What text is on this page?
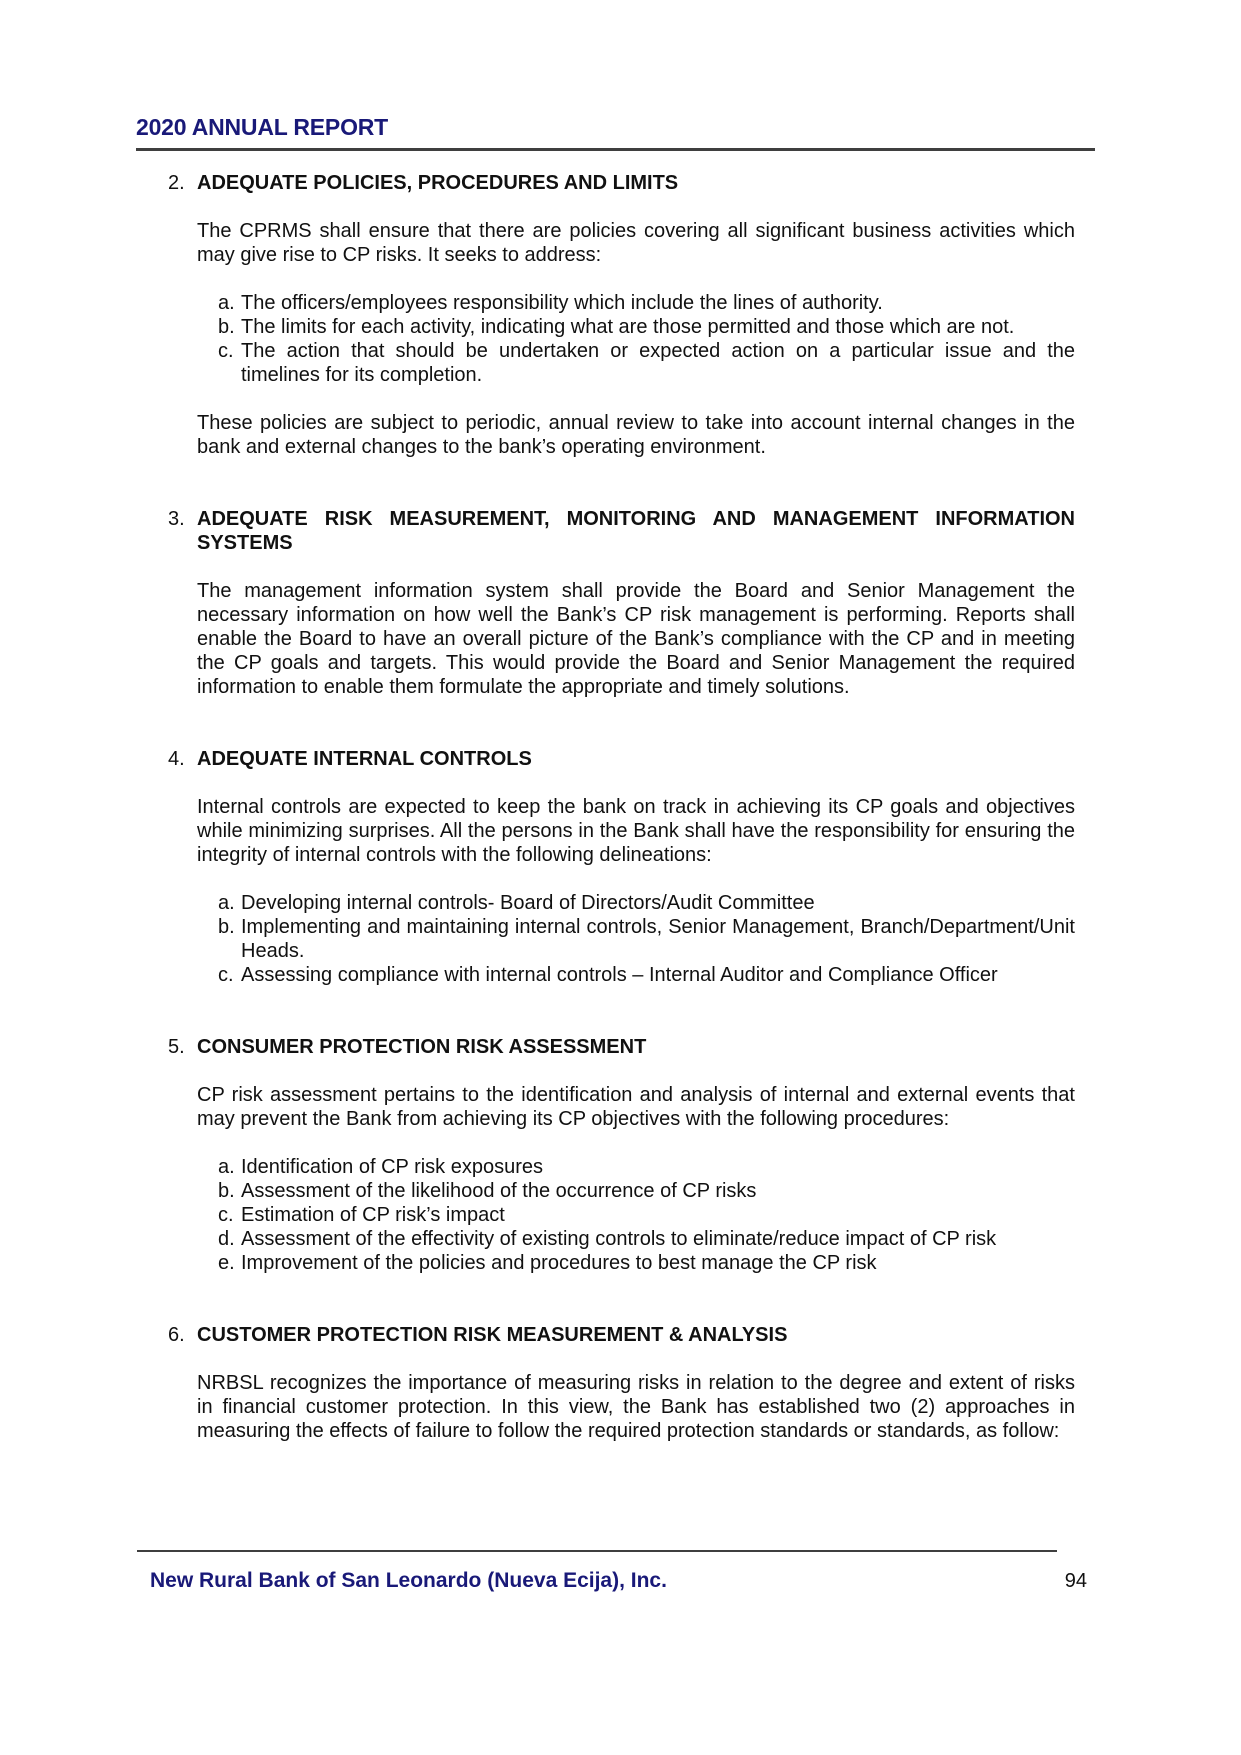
2020 ANNUAL REPORT
2. ADEQUATE POLICIES, PROCEDURES AND LIMITS

The CPRMS shall ensure that there are policies covering all significant business activities which may give rise to CP risks. It seeks to address:

a. The officers/employees responsibility which include the lines of authority.
b. The limits for each activity, indicating what are those permitted and those which are not.
c. The action that should be undertaken or expected action on a particular issue and the timelines for its completion.

These policies are subject to periodic, annual review to take into account internal changes in the bank and external changes to the bank’s operating environment.

3. ADEQUATE RISK MEASUREMENT, MONITORING AND MANAGEMENT INFORMATION SYSTEMS

The management information system shall provide the Board and Senior Management the necessary information on how well the Bank’s CP risk management is performing. Reports shall enable the Board to have an overall picture of the Bank’s compliance with the CP and in meeting the CP goals and targets. This would provide the Board and Senior Management the required information to enable them formulate the appropriate and timely solutions.

4. ADEQUATE INTERNAL CONTROLS

Internal controls are expected to keep the bank on track in achieving its CP goals and objectives while minimizing surprises. All the persons in the Bank shall have the responsibility for ensuring the integrity of internal controls with the following delineations:

a. Developing internal controls- Board of Directors/Audit Committee
b. Implementing and maintaining internal controls, Senior Management, Branch/Department/Unit Heads.
c. Assessing compliance with internal controls – Internal Auditor and Compliance Officer
5. CONSUMER PROTECTION RISK ASSESSMENT

CP risk assessment pertains to the identification and analysis of internal and external events that may prevent the Bank from achieving its CP objectives with the following procedures:

a. Identification of CP risk exposures
b. Assessment of the likelihood of the occurrence of CP risks
c. Estimation of CP risk’s impact
d. Assessment of the effectivity of existing controls to eliminate/reduce impact of CP risk
e. Improvement of the policies and procedures to best manage the CP risk
6. CUSTOMER PROTECTION RISK MEASUREMENT & ANALYSIS

NRBSL recognizes the importance of measuring risks in relation to the degree and extent of risks in financial customer protection. In this view, the Bank has established two (2) approaches in measuring the effects of failure to follow the required protection standards or standards, as follow:

New Rural Bank of San Leonardo (Nueva Ecija), Inc.	94
